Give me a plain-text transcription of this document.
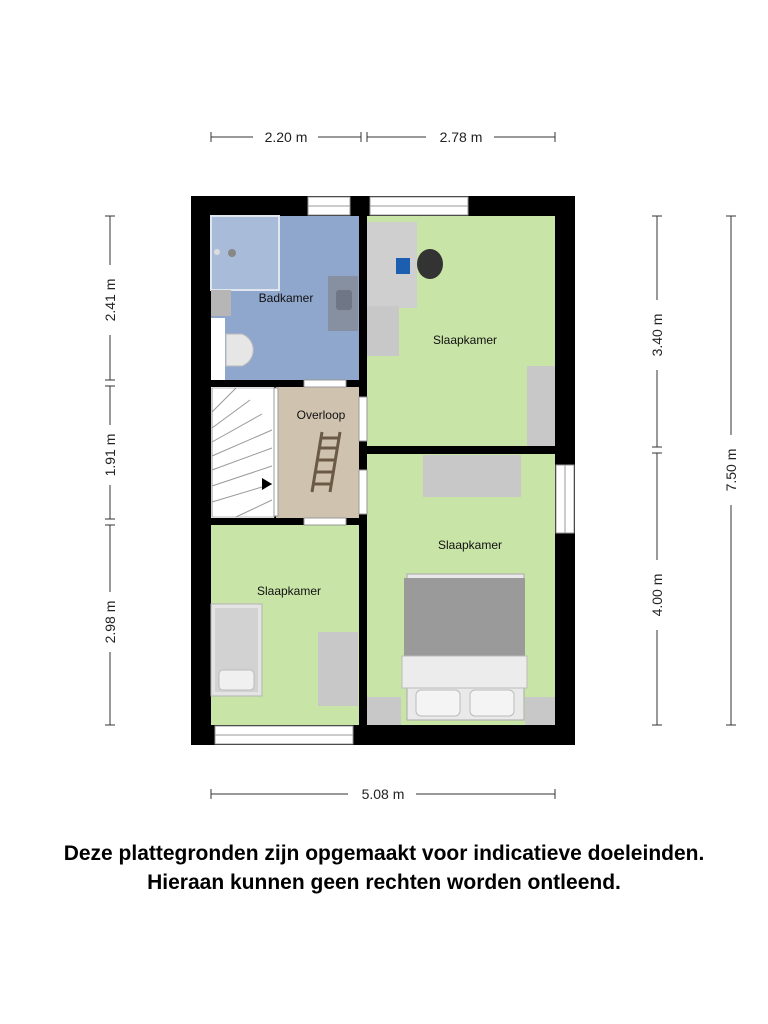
2.20 m	2.78 m
5.08 m
2.41 m
1.91 m
2.98 m
3.40 m
4.00 m
7.50 m
Badkamer
Overloop
Slaapkamer
Slaapkamer
Slaapkamer
Deze plattegronden zijn opgemaakt voor indicatieve doeleinden.
Hieraan kunnen geen rechten worden ontleend.
